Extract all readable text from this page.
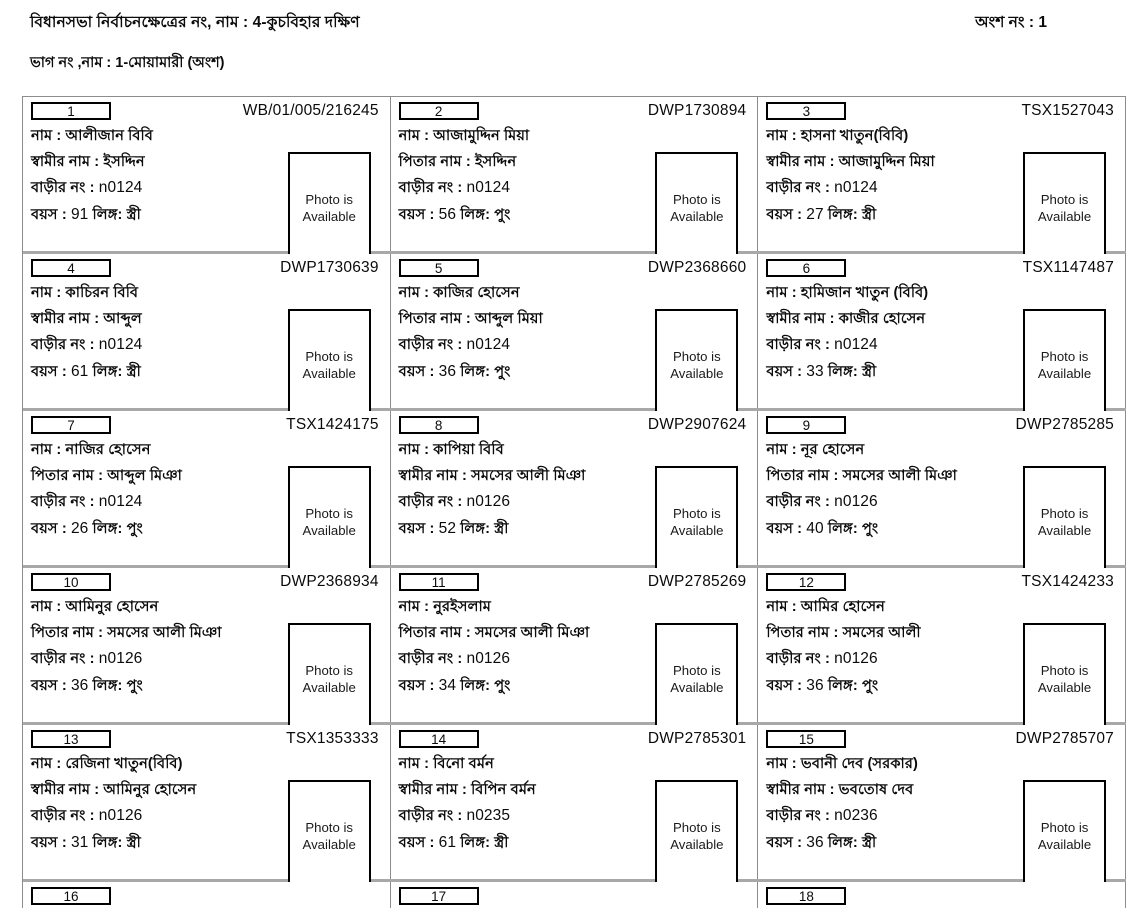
বিধানসভা নির্বাচনক্ষেত্রের নং, নাম : 4-কুচবিহার দক্ষিণ	অংশ নং : 1
ভাগ নং ,নাম : 1-মোয়ামারী (অংশ)
1	WB/01/005/216245
নাম : আলীজান বিবি
স্বামীর নাম : ইসদ্দিন
বাড়ীর নং : n0124
বয়স : 91 লিঙ্গ: স্ত্রী
Photo is
Available
2	DWP1730894
নাম : আজামুদ্দিন মিয়া
পিতার নাম : ইসদ্দিন
বাড়ীর নং : n0124
বয়স : 56 লিঙ্গ: পুং
Photo is
Available
3	TSX1527043
নাম : হাসনা খাতুন(বিবি)
স্বামীর নাম : আজামুদ্দিন মিয়া
বাড়ীর নং : n0124
বয়স : 27 লিঙ্গ: স্ত্রী
Photo is
Available
4	DWP1730639
নাম : কাচিরন বিবি
স্বামীর নাম : আব্দুল
বাড়ীর নং : n0124
বয়স : 61 লিঙ্গ: স্ত্রী
Photo is
Available
5	DWP2368660
নাম : কাজির হোসেন
পিতার নাম : আব্দুল মিয়া
বাড়ীর নং : n0124
বয়স : 36 লিঙ্গ: পুং
Photo is
Available
6	TSX1147487
নাম : হামিজান খাতুন (বিবি)
স্বামীর নাম : কাজীর হোসেন
বাড়ীর নং : n0124
বয়স : 33 লিঙ্গ: স্ত্রী
Photo is
Available
7	TSX1424175
নাম : নাজির হোসেন
পিতার নাম : আব্দুল মিঞা
বাড়ীর নং : n0124
বয়স : 26 লিঙ্গ: পুং
Photo is
Available
8	DWP2907624
নাম : কাপিয়া বিবি
স্বামীর নাম : সমসের আলী মিঞা
বাড়ীর নং : n0126
বয়স : 52 লিঙ্গ: স্ত্রী
Photo is
Available
9	DWP2785285
নাম : নূর হোসেন
পিতার নাম : সমসের আলী মিঞা
বাড়ীর নং : n0126
বয়স : 40 লিঙ্গ: পুং
Photo is
Available
10	DWP2368934
নাম : আমিনুর হোসেন
পিতার নাম : সমসের আলী মিঞা
বাড়ীর নং : n0126
বয়স : 36 লিঙ্গ: পুং
Photo is
Available
11	DWP2785269
নাম : নুরইসলাম
পিতার নাম : সমসের আলী মিঞা
বাড়ীর নং : n0126
বয়স : 34 লিঙ্গ: পুং
Photo is
Available
12	TSX1424233
নাম : আমির হোসেন
পিতার নাম : সমসের আলী
বাড়ীর নং : n0126
বয়স : 36 লিঙ্গ: পুং
Photo is
Available
13	TSX1353333
নাম : রেজিনা খাতুন(বিবি)
স্বামীর নাম : আমিনুর হোসেন
বাড়ীর নং : n0126
বয়স : 31 লিঙ্গ: স্ত্রী
Photo is
Available
14	DWP2785301
নাম : বিনো বর্মন
স্বামীর নাম : বিপিন বর্মন
বাড়ীর নং : n0235
বয়স : 61 লিঙ্গ: স্ত্রী
Photo is
Available
15	DWP2785707
নাম : ভবানী দেব (সরকার)
স্বামীর নাম : ভবতোষ দেব
বাড়ীর নং : n0236
বয়স : 36 লিঙ্গ: স্ত্রী
Photo is
Available
16	17	18
